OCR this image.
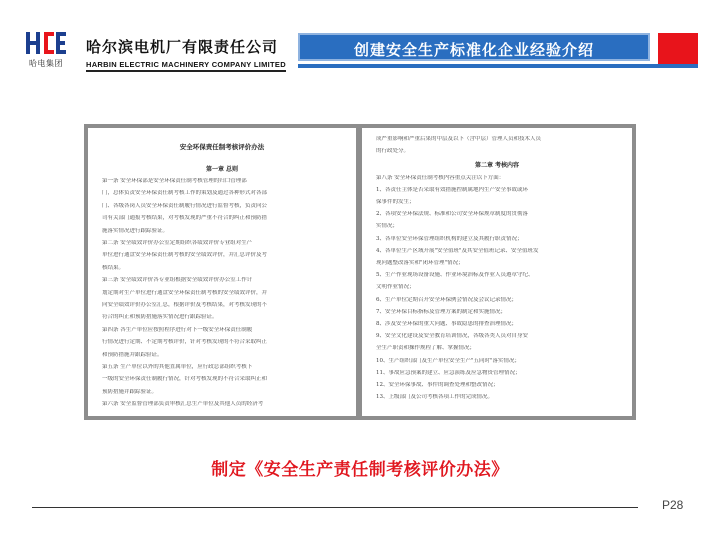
哈电集团
哈尔滨电机厂有限责任公司
HARBIN ELECTRIC MACHINERY COMPANY LIMITED
创建安全生产标准化企业经验介绍
安全环保责任制考核评价办法
第一章 总则
第一条 安全环保部是安全环保责任制考核管理的归口管理部
门，总体负责安全环保责任制考核工作的策划及通过各种形式对各部
门、各级各岗人员安全环保责任制履行情况进行监督考核，负责向公
司有关部门通报考核结果，对考核发现的严重不符合的纠正和预防措
施落实情况进行跟踪验证。
第二条 安全绩效评价办公室定期组织各绩效评价专业组对生产
单位进行通盘安全环保责任制考核的安全绩效评价，并汇总评价及考
核结果。
第三条 安全绩效评价各专业组根据安全绩效评价办公室工作计
划定期对生产单位进行通盘安全环保责任制考核的安全绩效评价，并
向安全绩效评价办公室汇总，根据评价及考核结果，对考核发现的不
符合的纠正和预防措施落实情况进行跟踪验证。
第四条 各生产单位应按照程序进行对下一级安全环保责任制履
行情况进行定期、不定期考核评价，针对考核发现的不符合采取纠正
和预防措施并跟踪验证。
第五条 生产单位以外的其他直属单位，应行政总部组织考核下
一级的安全环保责任制履行情况，针对考核发现的不符合采取纠正和
预防措施并跟踪验证。
第六条 安全监督管理部负责审核汇总生产单位及其他人员的经济考
成严重影响和严重后果的中层及以下（含中层）管理人员和技术人员
的行政处分。
第二章 考核内容
第八条 安全环保责任制考核内容重点关注以下方面：
1、各责任主体是否采取有效措施控制属地内生产安全事故或环
保事件的发生；
2、各项安全环保法规、标准和公司安全环保规章制度的贯彻落
实情况；
3、各单位安全环保管理组织机构的建立及其履行职责情况；
4、各单位生产区域开展"安全值班"及其安全值班记录、安全值班发
现问题整改落实和"闭环管理"情况；
5、生产作业现场设备设施、作业环境治标及作业人员遵章守纪、
文明作业情况；
6、生产单位定期召开安全环保例会情况及会议记录情况；
7、安全环保目标指标及管理方案的制定和实施情况；
8、涉及安全环保的重大问题、事故隐患的排查治理情况；
9、安全文化建设及安全教育培训情况，各级各类人员对自身安
全生产职责和操作规程了解、掌握情况；
10、生产组织部门及生产单位安全生产"五同时"落实情况；
11、事故应急预案的建立、应急演练及应急物资管理情况；
12、安全环保事故、事件的调查处理和整改情况；
13、上级部门及公司考核各项工作的完成情况。
制定《安全生产责任制考核评价办法》
P28
